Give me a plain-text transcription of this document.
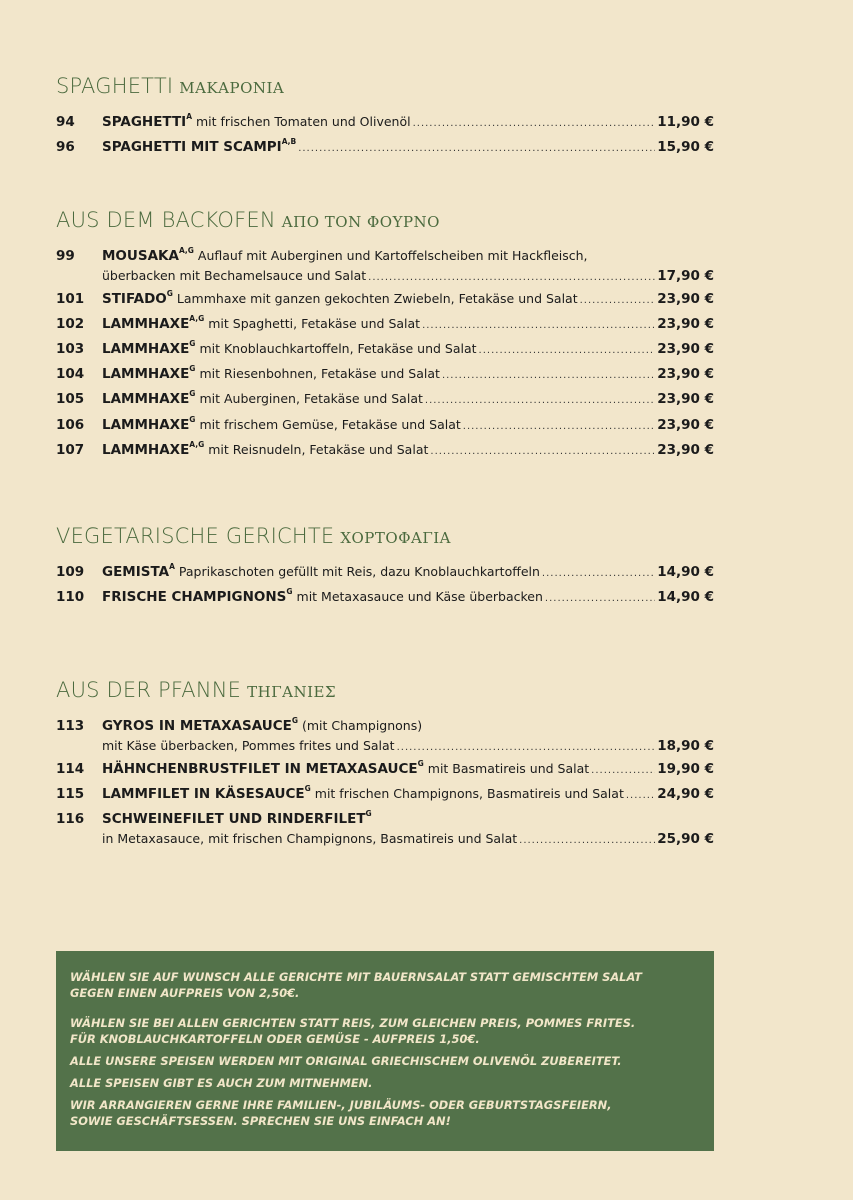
SPAGHETTI ΜΑΚΑΡΟΝΙΑ
94	$SPAGHETTI^A$ mit frischen Tomaten und Olivenöl .....	11,90 €
96	SPAGHETTI MIT $SCAMPI^{A,B}$ .....	15,90 €
AUS DEM BACKOFEN ΑΠΟ ΤΟΝ ΦΟΥΡΝΟ
99	$MOUSAKA^{A,G}$ Auflauf mit Auberginen und Kartoffelscheiben mit Hackfleisch,
überbacken mit Bechamelsauce und Salat .....	17,90 €
101	$STIFADO^G$ Lammhaxe mit ganzen gekochten Zwiebeln, Fetakäse und Salat .....	23,90 €
102	$LAMMHAXE^{A,G}$ mit Spaghetti, Fetakäse und Salat .....	23,90 €
103	$LAMMHAXE^G$ mit Knoblauchkartoffeln, Fetakäse und Salat .....	23,90 €
104	$LAMMHAXE^G$ mit Riesenbohnen, Fetakäse und Salat .....	23,90 €
105	$LAMMHAXE^G$ mit Auberginen, Fetakäse und Salat .....	23,90 €
106	$LAMMHAXE^G$ mit frischem Gemüse, Fetakäse und Salat .....	23,90 €
107	$LAMMHAXE^{A,G}$ mit Reisnudeln, Fetakäse und Salat .....	23,90 €
VEGETARISCHE GERICHTE ΧΟΡΤΟΦΑΓΙΑ
109	$GEMISTA^A$ Paprikaschoten gefüllt mit Reis, dazu Knoblauchkartoffeln .....	14,90 €
110	FRISCHE $CHAMPIGNONS^G$ mit Metaxasauce und Käse überbacken .....	14,90 €
AUS DER PFANNE ΤΗΓΑΝΙΕΣ
113	GYROS IN $METAXASAUCE^G$ (mit Champignons)
mit Käse überbacken, Pommes frites und Salat .....	18,90 €
114	HÄHNCHENBRUSTFILET IN $METAXASAUCE^G$ mit Basmatireis und Salat .....	19,90 €
115	LAMMFILET IN $KÄSESAUCE^G$ mit frischen Champignons, Basmatireis und Salat ..... 24,90 €
116	SCHWEINEFILET UND $RINDERFILET^G$
in Metaxasauce, mit frischen Champignons, Basmatireis und Salat .....	25,90 €

WÄHLEN SIE AUF WUNSCH ALLE GERICHTE MIT BAUERNSALAT STATT GEMISCHTEM SALAT
GEGEN EINEN AUFPREIS VON 2,50€.

WÄHLEN SIE BEI ALLEN GERICHTEN STATT REIS, ZUM GLEICHEN PREIS, POMMES FRITES.
FÜR KNOBLAUCHKARTOFFELN ODER GEMÜSE - AUFPREIS 1,50€.

ALLE UNSERE SPEISEN WERDEN MIT ORIGINAL GRIECHISCHEM OLIVENÖL ZUBEREITET.

ALLE SPEISEN GIBT ES AUCH ZUM MITNEHMEN.

WIR ARRANGIEREN GERNE IHRE FAMILIEN-, JUBILÄUMS- ODER GEBURTSTAGSFEIERN,
SOWIE GESCHÄFTSESSEN. SPRECHEN SIE UNS EINFACH AN!
